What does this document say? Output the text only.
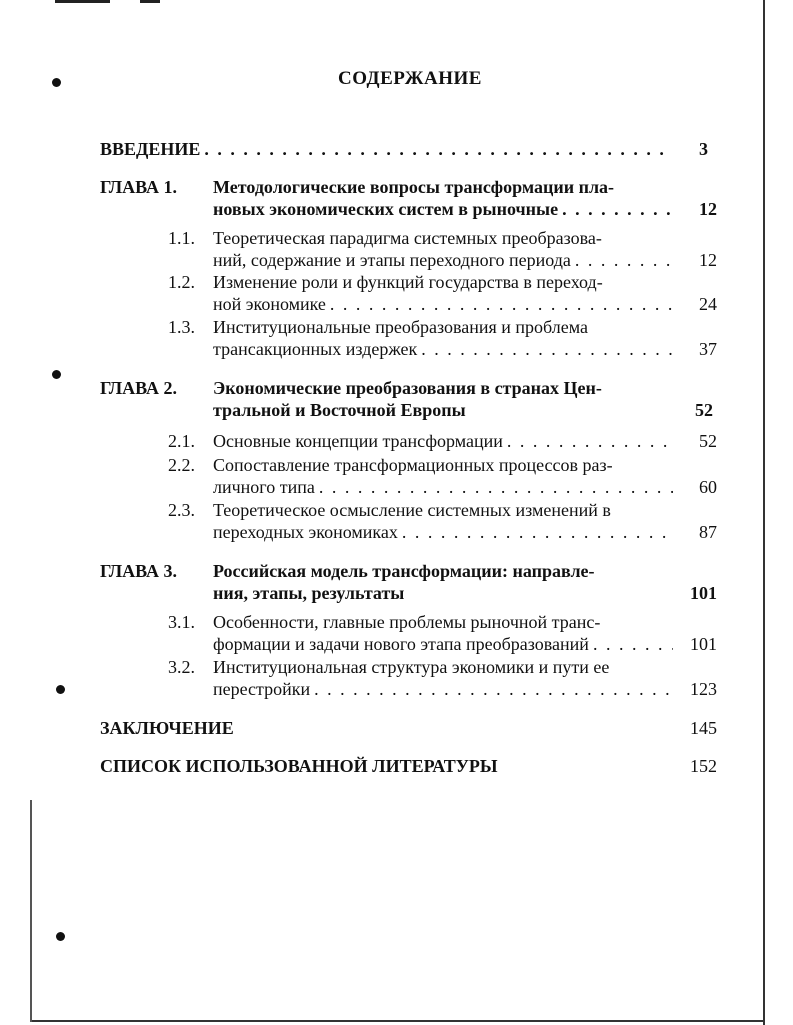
СОДЕРЖАНИЕ
ВВЕДЕНИЕ . . .	3
ГЛАВА 1. Методологические вопросы трансформации пла-
новых экономических систем в рыночные . . .	12
1.1. Теоретическая парадигма системных преобразова-
ний, содержание и этапы переходного периода . . .	12
1.2. Изменение роли и функций государства в переход-
ной экономике . . .	24
1.3. Институциональные преобразования и проблема
трансакционных издержек . . .	37
ГЛАВА 2. Экономические преобразования в странах Цен-
тральной и Восточной Европы	52
2.1. Основные концепции трансформации . . .	52
2.2. Сопоставление трансформационных процессов раз-
личного типа . . .	60
2.3. Теоретическое осмысление системных изменений в
переходных экономиках . . .	87
ГЛАВА 3. Российская модель трансформации: направле-
ния, этапы, результаты	101
3.1. Особенности, главные проблемы рыночной транс-
формации и задачи нового этапа преобразований . . .	101
3.2. Институциональная структура экономики и пути ее
перестройки . . .	123
ЗАКЛЮЧЕНИЕ	145
СПИСОК ИСПОЛЬЗОВАННОЙ ЛИТЕРАТУРЫ	152
